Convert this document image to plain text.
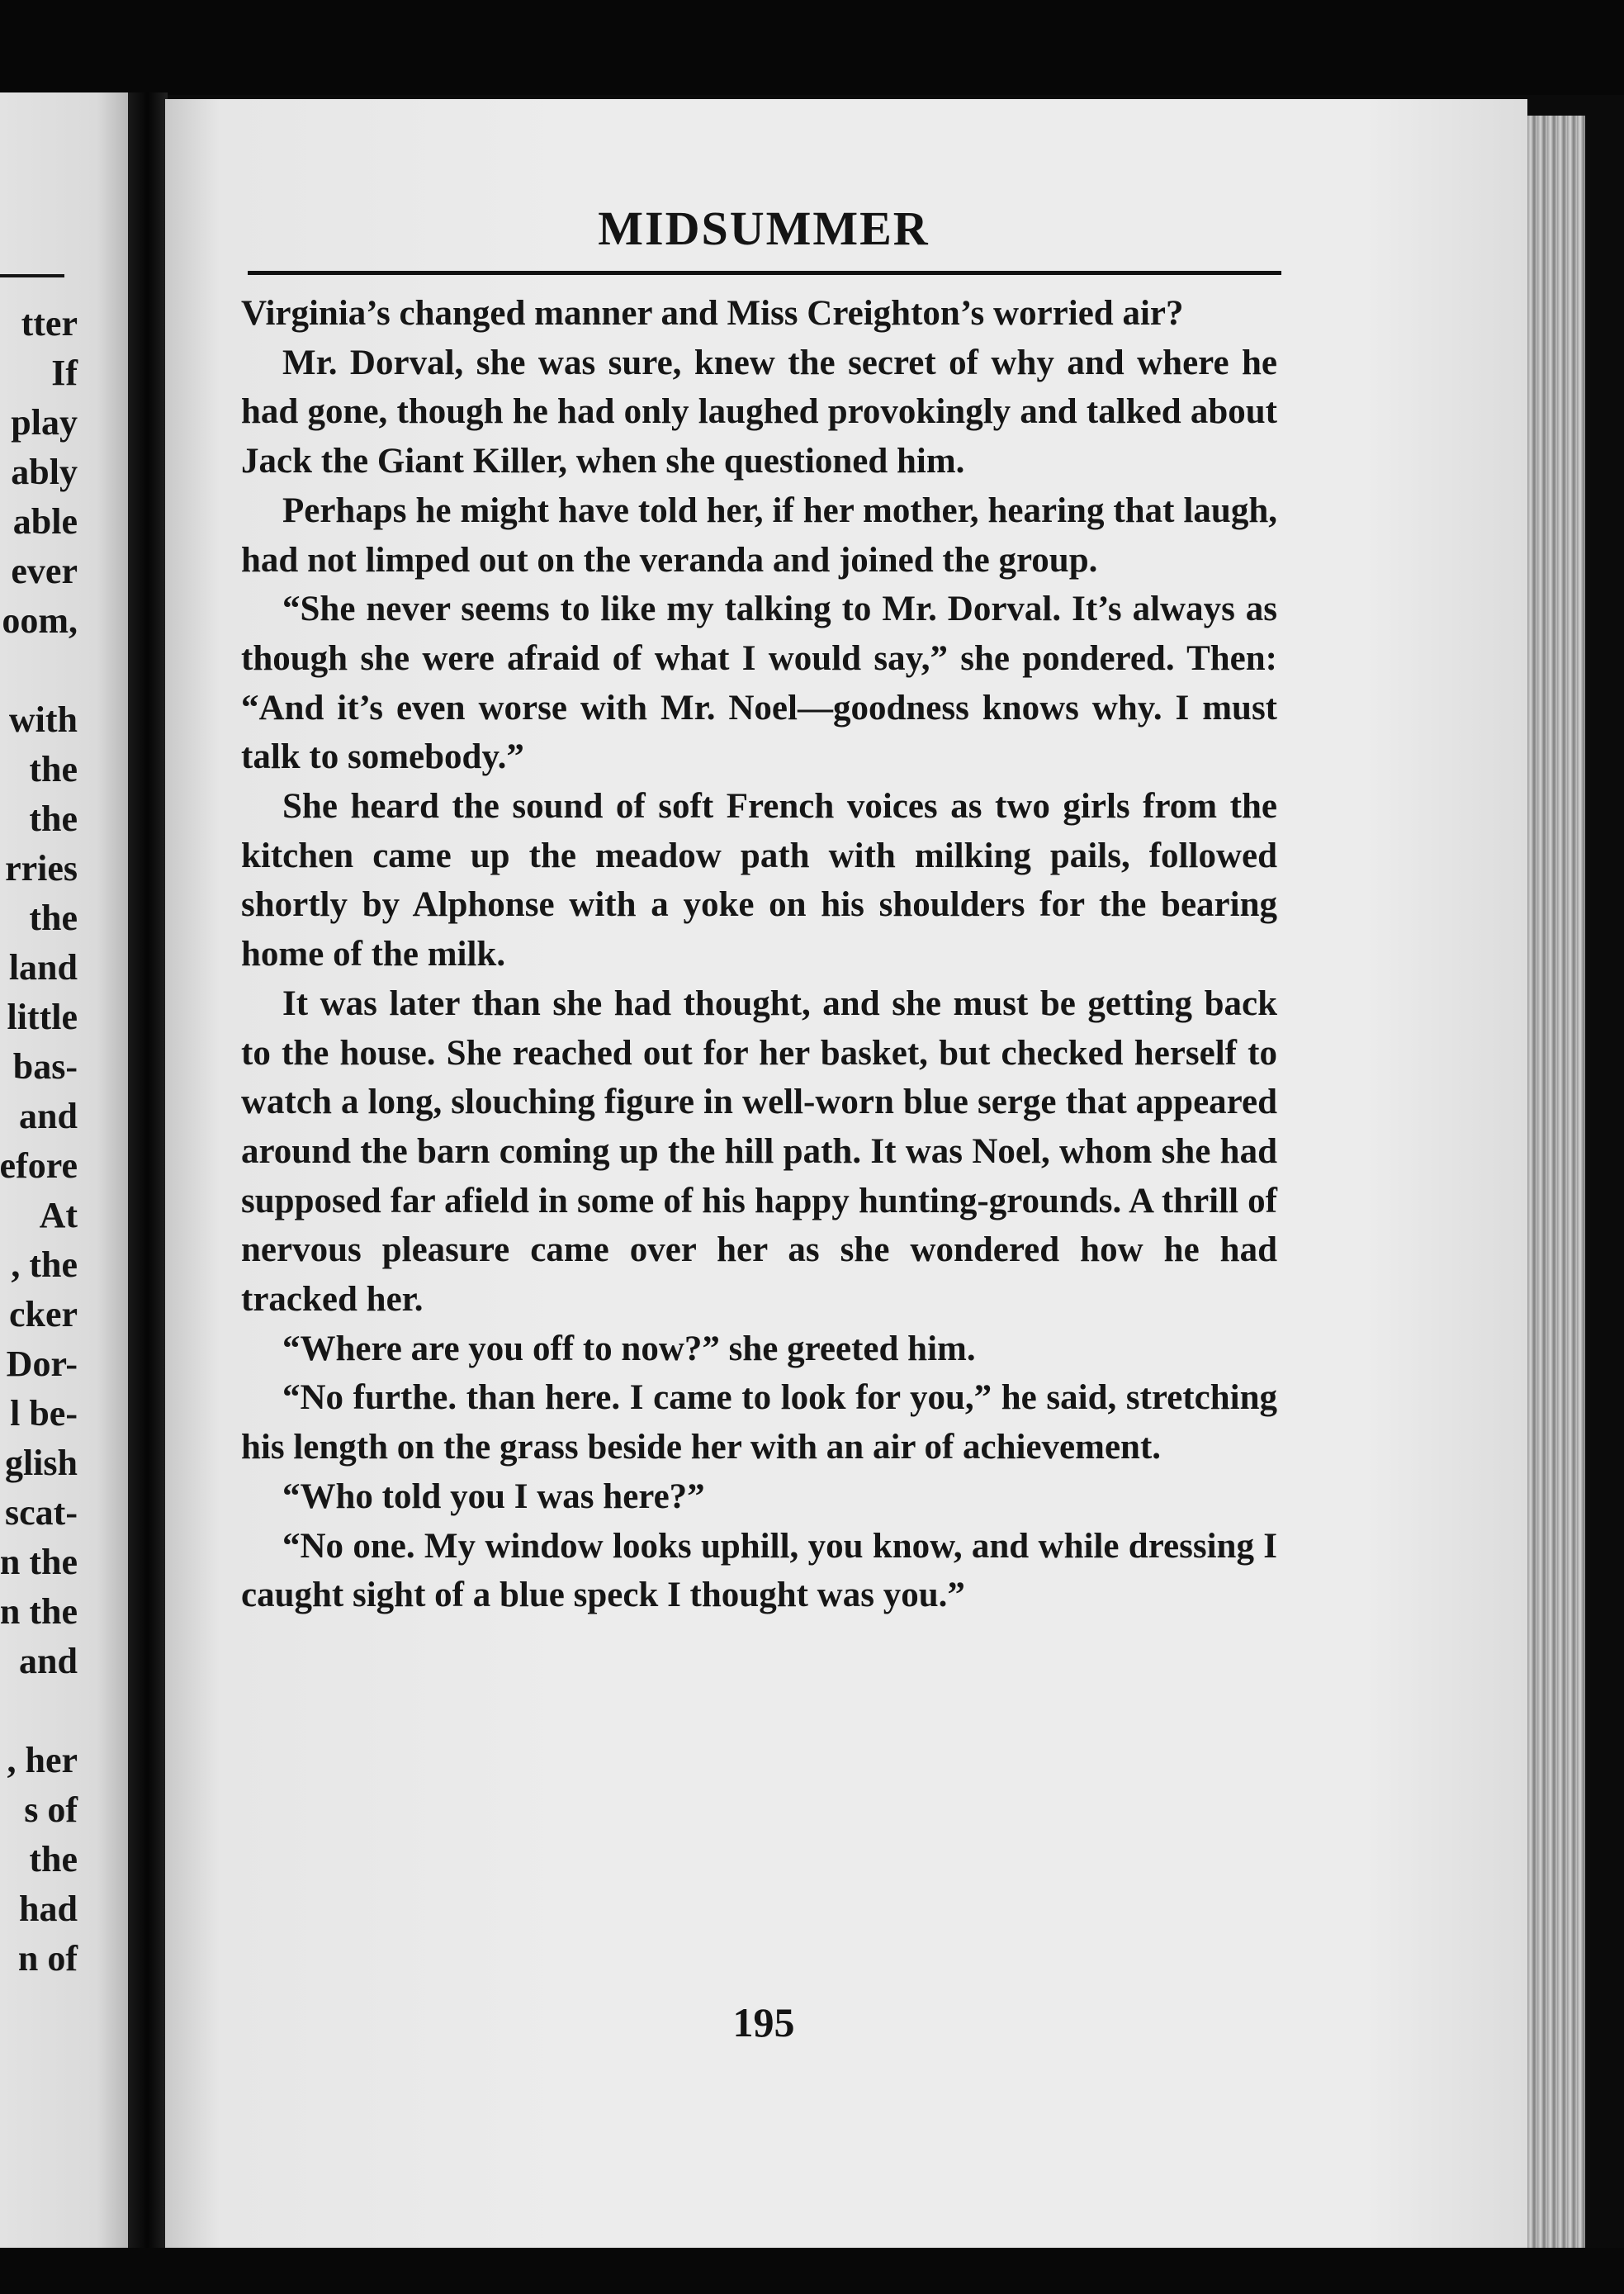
tter

If

play

ably

able

ever

oom,

with

the

the

rries

the

land

little

bas-

and

efore

At

, the

cker

Dor-

l be-

glish

scat-

n the

n the

and

, her

s of

the

had

n of

MIDSUMMER

Virginia’s changed manner and Miss Creighton’s worried air?

Mr. Dorval, she was sure, knew the secret of why and where he had gone, though he had only laughed provokingly and talked about Jack the Giant Killer, when she questioned him.

Perhaps he might have told her, if her mother, hearing that laugh, had not limped out on the veranda and joined the group.

“She never seems to like my talking to Mr. Dorval. It’s always as though she were afraid of what I would say,” she pondered. Then: “And it’s even worse with Mr. Noel—goodness knows why. I must talk to somebody.”

She heard the sound of soft French voices as two girls from the kitchen came up the meadow path with milking pails, followed shortly by Alphonse with a yoke on his shoulders for the bearing home of the milk.

It was later than she had thought, and she must be getting back to the house. She reached out for her basket, but checked herself to watch a long, slouching figure in well-worn blue serge that appeared around the barn coming up the hill path. It was Noel, whom she had supposed far afield in some of his happy hunting-grounds. A thrill of nervous pleasure came over her as she wondered how he had tracked her.

“Where are you off to now?” she greeted him.

“No furthe. than here. I came to look for you,” he said, stretching his length on the grass beside her with an air of achievement.

“Who told you I was here?”

“No one. My window looks uphill, you know, and while dressing I caught sight of a blue speck I thought was you.”

195
